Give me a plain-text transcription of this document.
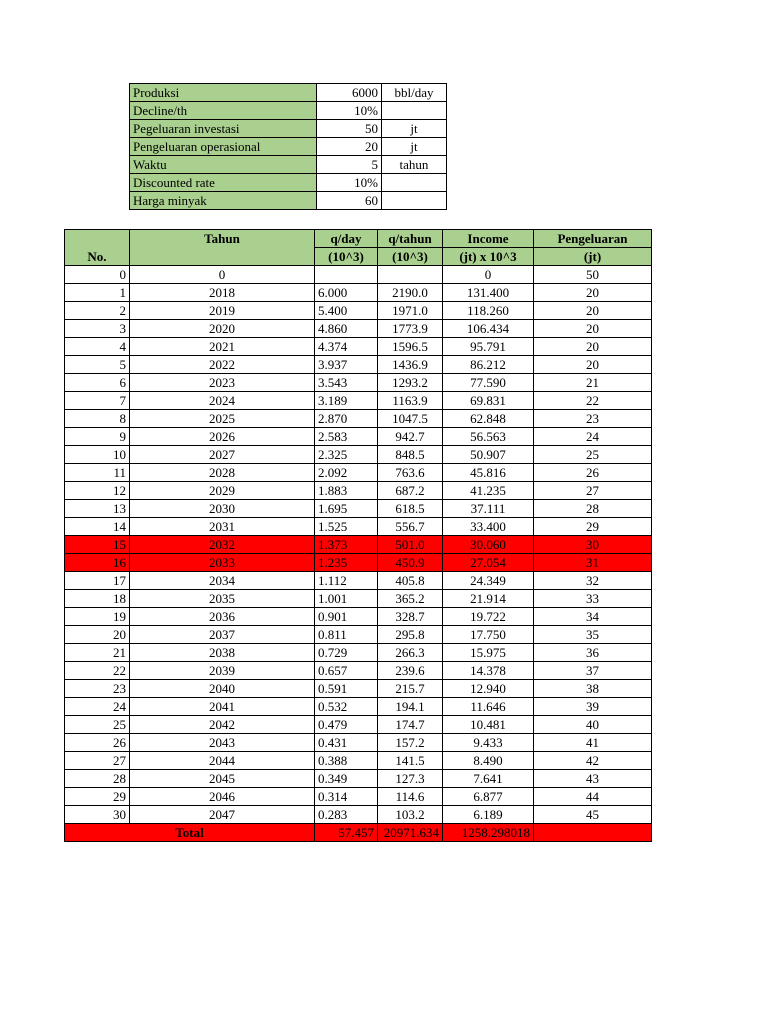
Produksi	6000	bbl/day
Decline/th	10%	
Pegeluaran investasi	50	jt
Pengeluaran operasional	20	jt
Waktu	5	tahun
Discounted rate	10%	
Harga minyak	60	
	Tahun	q/day	q/tahun	Income	Pengeluaran
No.		(10^3)	(10^3)	(jt) x 10^3	(jt)
0	0			0	50
1	2018	6.000	2190.0	131.400	20
2	2019	5.400	1971.0	118.260	20
3	2020	4.860	1773.9	106.434	20
4	2021	4.374	1596.5	95.791	20
5	2022	3.937	1436.9	86.212	20
6	2023	3.543	1293.2	77.590	21
7	2024	3.189	1163.9	69.831	22
8	2025	2.870	1047.5	62.848	23
9	2026	2.583	942.7	56.563	24
10	2027	2.325	848.5	50.907	25
11	2028	2.092	763.6	45.816	26
12	2029	1.883	687.2	41.235	27
13	2030	1.695	618.5	37.111	28
14	2031	1.525	556.7	33.400	29
15	2032	1.373	501.0	30.060	30
16	2033	1.235	450.9	27.054	31
17	2034	1.112	405.8	24.349	32
18	2035	1.001	365.2	21.914	33
19	2036	0.901	328.7	19.722	34
20	2037	0.811	295.8	17.750	35
21	2038	0.729	266.3	15.975	36
22	2039	0.657	239.6	14.378	37
23	2040	0.591	215.7	12.940	38
24	2041	0.532	194.1	11.646	39
25	2042	0.479	174.7	10.481	40
26	2043	0.431	157.2	9.433	41
27	2044	0.388	141.5	8.490	42
28	2045	0.349	127.3	7.641	43
29	2046	0.314	114.6	6.877	44
30	2047	0.283	103.2	6.189	45
Total		57.457	20971.634	1258.298018	
